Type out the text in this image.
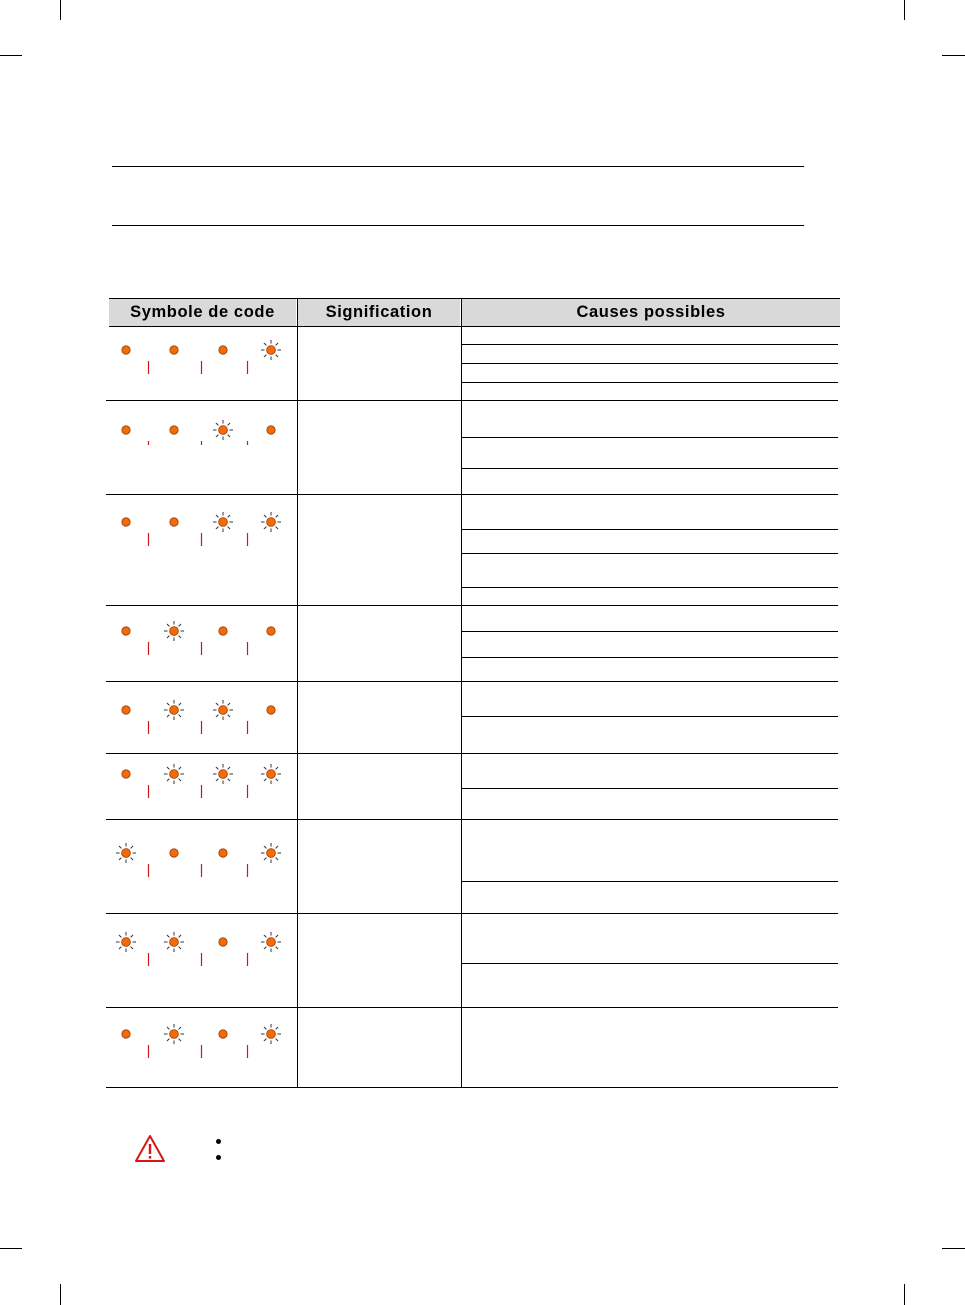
Symbole de code	Signification	Causes possibles
